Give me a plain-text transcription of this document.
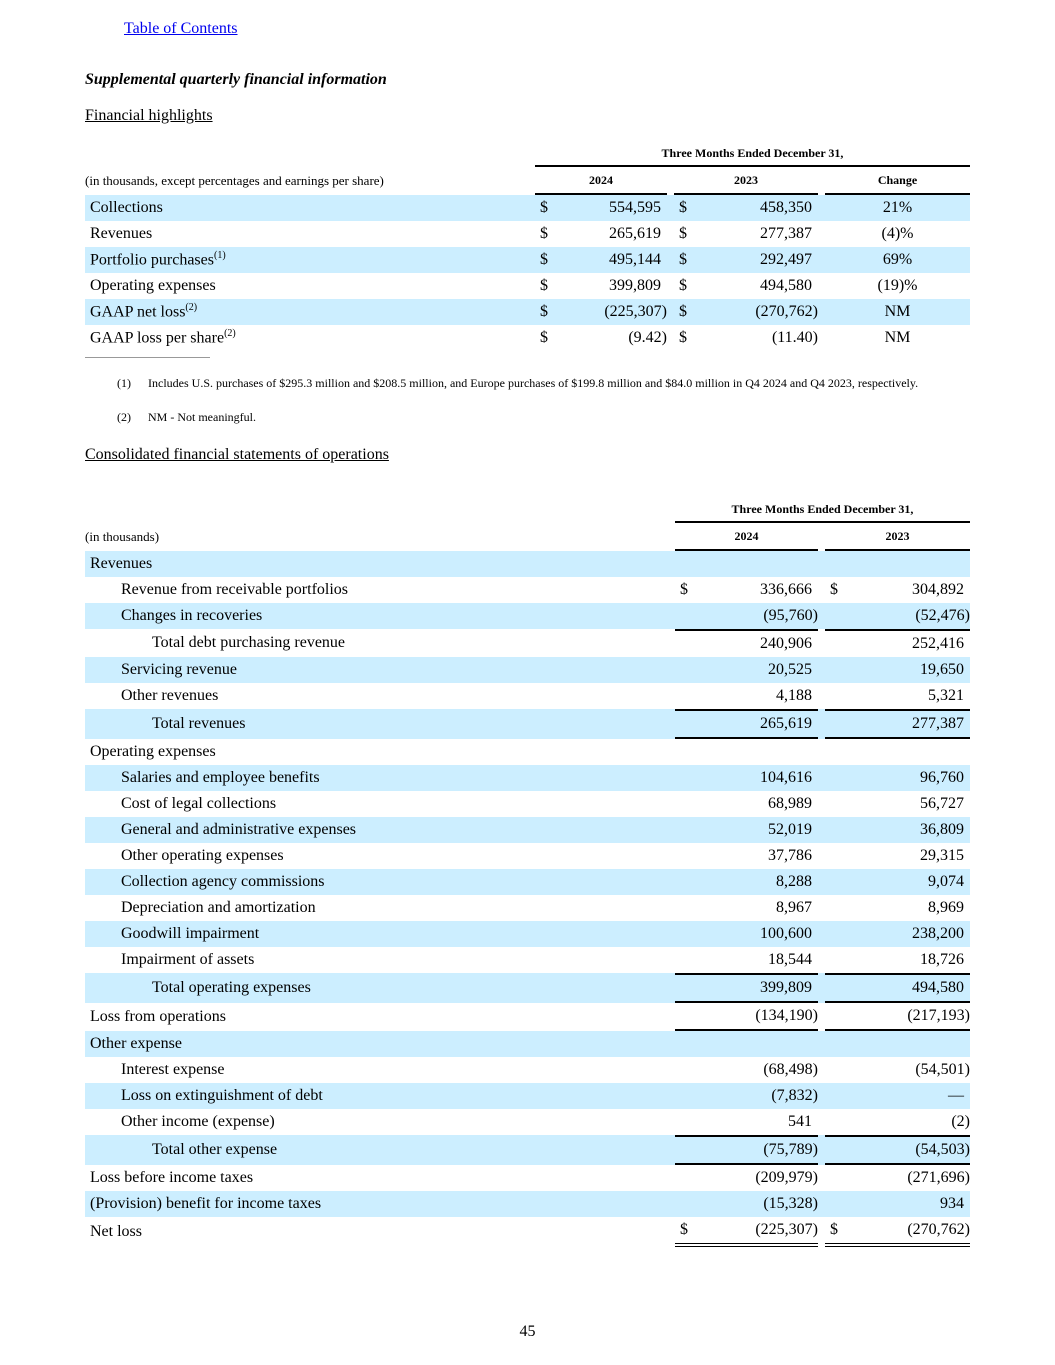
Table of Contents
Supplemental quarterly financial information
Financial highlights
	Three Months Ended December 31,						
(in thousands, except percentages and earnings per share)	2024			2023			Change
Collections	$	554,595		$	458,350		21%
Revenues	$	265,619		$	277,387		(4)%
Portfolio purchases$^{(1)}$	$	495,144		$	292,497		69%
Operating expenses	$	399,809		$	494,580		(19)%
GAAP net loss$^{(2)}$	$	(225,307)		$	(270,762)		NM
GAAP loss per share$^{(2)}$	$	(9.42)		$	(11.40)		NM
(1) Includes U.S. purchases of $295.3 million and $208.5 million, and Europe purchases of $199.8 million and $84.0 million in Q4 2024 and Q4 2023, respectively.
(2) NM - Not meaningful.
Consolidated financial statements of operations
	Three Months Ended December 31,				
(in thousands)	2024			2023	
Revenues					
Revenue from receivable portfolios	$	336,666		$	304,892
Changes in recoveries		(95,760)			(52,476)
Total debt purchasing revenue		240,906			252,416
Servicing revenue		20,525			19,650
Other revenues		4,188			5,321
Total revenues		265,619			277,387
Operating expenses					
Salaries and employee benefits		104,616			96,760
Cost of legal collections		68,989			56,727
General and administrative expenses		52,019			36,809
Other operating expenses		37,786			29,315
Collection agency commissions		8,288			9,074
Depreciation and amortization		8,967			8,969
Goodwill impairment		100,600			238,200
Impairment of assets		18,544			18,726
Total operating expenses		399,809			494,580
Loss from operations		(134,190)			(217,193)
Other expense					
Interest expense		(68,498)			(54,501)
Loss on extinguishment of debt		(7,832)			—
Other income (expense)		541			(2)
Total other expense		(75,789)			(54,503)
Loss before income taxes		(209,979)			(271,696)
(Provision) benefit for income taxes		(15,328)			934
Net loss	$	(225,307)		$	(270,762)
45
